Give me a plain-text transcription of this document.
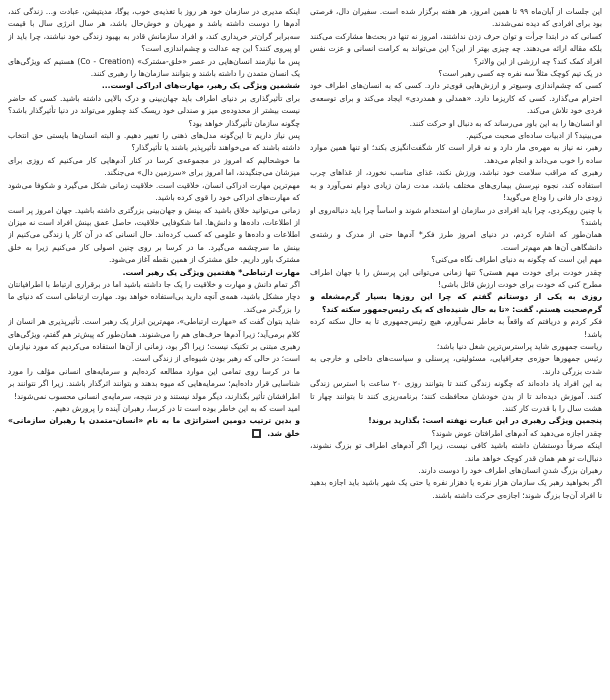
این جلسات از آبان‌ماه ۹۹ تا همین امروز، هر هفته برگزار شده است. سفیران دال، فرصتی بود برای افرادی که دیده نمی‌شدند.

کسانی که در ابتدا جرأت و توان حرف زدن نداشتند، امروز نه تنها در بحث‌ها مشارکت می‌کنند بلکه مقاله ارائه می‌دهند. چه چیزی بهتر از این؟ این می‌تواند به کرامت انسانی و عزت نفس افراد کمک کند؟ چه ارزشی از این والاتر؟

در یک تیم کوچک مثلاً سه نفره چه کسی رهبر است؟

کسی که چشم‌اندازی وسیع‌تر و ارزش‌هایی قوی‌تر دارد. کسی که به انسان‌های اطراف خود احترام می‌گذارد. کسی که کاریزما دارد. «همدلی و همدردی» ایجاد می‌کند و برای توسعه‌ی فردی خود تلاش می‌کند.

او انسان‌ها را به این باور می‌رساند که به دنبال او حرکت کنند.

می‌بینید؟ از ادبیات ساده‌ای صحبت می‌کنیم.

رهبر، نه نیاز به مهره‌ی مار دارد و نه قرار است کار شگفت‌انگیزی بکند؛ او تنها همین موارد ساده را خوب می‌داند و انجام می‌دهد.

رهبری که مراقب سلامت خود نباشد، ورزش نکند، غذای مناسب نخورد، از غذاهای چرب استفاده کند، نجوه نپرسش بیماری‌های مختلف باشد، مدت زمان زیادی دوام نمی‌آورد و به زودی دار فانی را وداع می‌گوید!

با چنین رویکردی، چرا باید افرادی در سازمان او استخدام شوند و اساساً چرا باید دنباله‌روی او باشند؟

همان‌طور که اشاره کردم، در دنیای امروز طرز فکر* آدم‌ها حتی از مدرک و رشته‌ی دانشگاهی آن‌ها هم مهم‌تر است.

مهم این است که چگونه به دنیای اطراف نگاه می‌کنی؟

چقدر خودت برای خودت مهم هستی؟ تنها زمانی می‌توانی این پرسش را با جهان اطراف مطرح کنی که خودت برای خودت ارزش قائل باشی!

روزی به یکی از دوستانم گفتم که چرا این روزها بسیار گرم‌مشغله و گرم‌صحبت هستم. گفت: «تا به حال شنیده‌ای که یک رئیس‌جمهور سکته کند؟

فکر کردم و دریافتم که واقعاً به خاطر نمی‌آورم، هیچ رئیس‌جمهوری تا به حال سکته کرده باشد!

ریاست جمهوری شاید پراسترس‌ترین شغل دنیا باشد؛

رئیس جمهورها حوزه‌ی جغرافیایی، مسئولیتی، پرسنلی و سیاست‌های داخلی و خارجی به شدت بزرگی دارند.

به این افراد یاد داده‌اند که چگونه زندگی کنند تا بتوانند روزی ۲۰ ساعت با استرس زندگی کنند. آموزش دیده‌اند تا از بدن خودشان محافظت کنند؛ برنامه‌ریزی کنند تا بتوانند چهار تا هشت سال را با قدرت کار کنند.

پنجمین ویژگی رهبری در این عبارت نهفته است: بگذارید بروند!

چقدر اجازه می‌دهید که آدم‌های اطرافتان عوض شوند؟

اینکه صرفاً دوستشان داشته باشید کافی نیست، زیرا اگر آدم‌های اطراف تو بزرگ نشوند، دنبال‌ات تو هم همان قدر کوچک خواهد ماند.

رهبران بزرگ شدنِ انسان‌های اطراف خود را دوست دارند.

اگر بخواهید رهبر یک سازمان هزار نفره یا دهزار نفره یا حتی یک شهر باشید باید اجازه بدهید تا افراد آن‌جا بزرگ شوند؛ اجازه‌ی حرکت داشته باشند.

اینکه مدیری در سازمان خود هر روز با تغذیه‌ی خوب، یوگا، مدیتیشن، عبادت و... زندگی کند، آدم‌ها را دوست داشته باشد و مهربان و خوش‌حال باشد، هر سال انرژی سال با قیمت سه‌برابر گران‌تر خریداری کند، و افراد سازمانش قادر به بهبود زندگی خود نباشند، چرا باید از او پیروی کنند؟ این چه عدالت و چشم‌اندازی است؟

پس ما نیازمند انسان‌هایی در عصر «خلق-مشترک» (Co - Creation) هستیم که ویژگی‌های یک انسان متمدن را داشته باشند و بتوانند سازمان‌ها را رهبری کنند.

ششمین ویژگی یک رهبر، مهارت‌های ادراکی اوست...

برای تأثیرگذاری بر دنیای اطراف باید جهان‌بینی و درک بالایی داشته باشید. کسی که حاضر نیست بیشتر از محدوده‌ی میز و صندلی خود ریسک کند چطور می‌تواند در دنیا تأثیرگذار باشد؟ چگونه سازمان تأثیرگذار خواهد بود؟

پس نیاز داریم تا این‌گونه مدل‌های ذهنی را تغییر دهیم. و البته انسان‌ها بایستی حق انتخاب داشته باشند که می‌خواهند تأثیرپذیر باشند یا تأثیرگذار؟

ما خوشحالیم که امروز در مجموعه‌ی کرسا در کنار آدم‌هایی کار می‌کنیم که روزی برای میزشان می‌جنگیدند، اما امروز برای «سرزمین دال» می‌جنگند.

مهم‌ترین مهارت ادراکی انسان، خلاقیت است. خلاقیت زمانی شکل می‌گیرد و شکوفا می‌شود که مهارت‌های ادراکی خود را قوی کرده باشید.

زمانی می‌توانید خلاق باشید که بینش و جهان‌بینی بزرگتری داشته باشید. جهان امروز پر است از اطلاعات، داده‌ها و دانش‌ها. اما شکوفایی خلاقیت، حاصل عمق بینش افراد است نه میزان اطلاعات و داده‌ها و علومی که کسب کرده‌اند. حال انسانی که در آن کار یا زندگی می‌کنیم از بینش ما سرچشمه می‌گیرد. ما در کرسا بر روی چنین اصولی کار می‌کنیم زیرا به خلق مشترک باور داریم. خلق مشترک از همین نقطه آغاز می‌شود.

مهارت ارتباطی* هفتمین ویژگی یک رهبر است.

اگر تمام دانش و مهارت و خلاقیت را یک جا داشته باشید اما در برقراری ارتباط با اطرافیانتان دچار مشکل باشید، همه‌ی آنچه دارید بی‌استفاده خواهد بود. مهارت ارتباطی است که دنیای ما را بزرگ‌تر می‌کند.

شاید بتوان گفت که «مهارت ارتباطی»، مهم‌ترین ابزار یک رهبر است. تأثیرپذیری هر انسان از کلام بر‌می‌آید؛ زیرا آدم‌ها حرف‌های هم را می‌شنوند. همان‌طور که پیش‌تر هم گفتم، ویژگی‌های رهبری مبتنی بر تکنیک نیست؛ زیرا اگر بود، زمانی از آن‌ها استفاده می‌کردیم که مورد نیازمان است؛ در حالی که رهبر بودن شیوه‌ای از زندگی است.

ما در کرسا روی تمامی این موارد مطالعه کرده‌ایم و سرمایه‌های انسانی مؤلف را مورد شناسایی قرار داده‌ایم؛ سرمایه‌هایی که میوه بدهند و بتوانند اثرگذار باشند. زیرا اگر نتوانند بر اطرافشان تأثیر بگذارند، دیگر مولد نیستند و در نتیجه، سرمایه‌ی انسانی محسوب نمی‌شوند!

امید است که به این خاطر بوده است تا در کرسا، رهبران آینده را پرورش دهیم.

و بدین ترتیب دومین استراتژی ما به نام «انسان-متمدن یا رهبران سازمانی» خلق شد.
